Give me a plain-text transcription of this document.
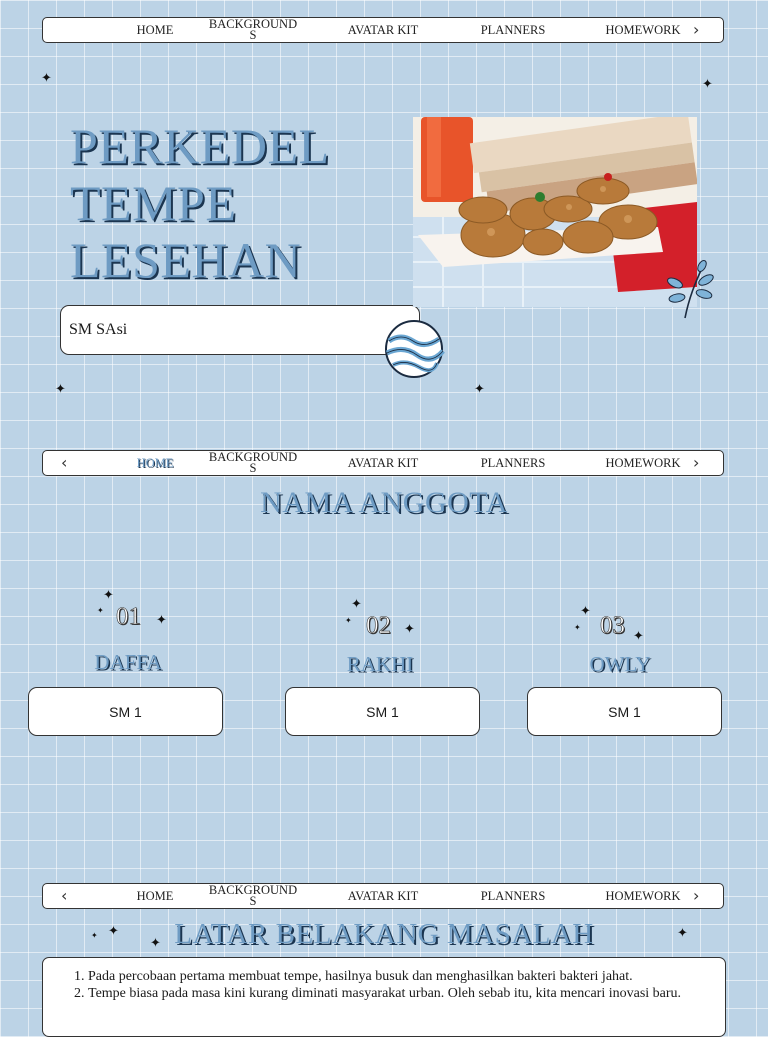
HOME	BACKGROUND
S	AVATAR KIT	PLANNERS	HOMEWORK ›
✦	✦
PERKEDEL
TEMPE
LESEHAN
SM SAsi
✦	✦
‹	HOME	BACKGROUND
S	AVATAR KIT	PLANNERS	HOMEWORK ›
NAMA ANGGOTA
✦
✦
✦
01
DAFFA
SM 1
✦
✦
✦
02
RAKHI
SM 1
✦
✦
✦
03
OWLY
SM 1
‹	HOME	BACKGROUND
S	AVATAR KIT	PLANNERS	HOMEWORK ›
✦
✦
✦
✦
LATAR BELAKANG MASALAH
1. Pada percobaan pertama membuat tempe, hasilnya busuk dan menghasilkan bakteri bakteri jahat.
2. Tempe biasa pada masa kini kurang diminati masyarakat urban. Oleh sebab itu, kita mencari inovasi baru.
